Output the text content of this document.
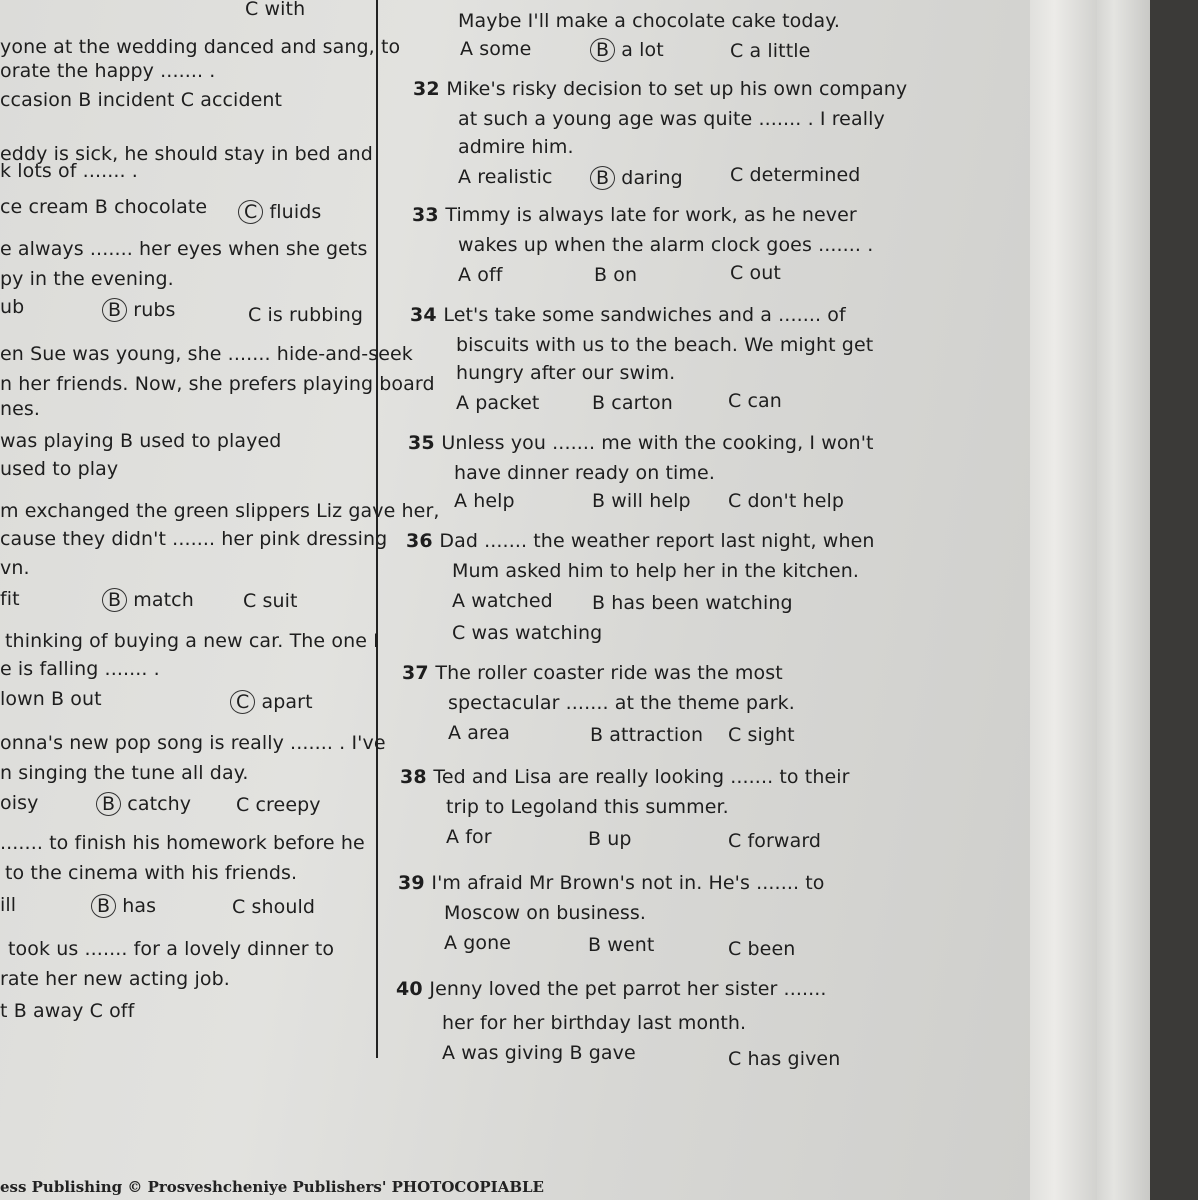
C with
yone at the wedding danced and sang, to
orate the happy ....... .
ccasion B incident C accident
eddy is sick, he should stay in bed and
k lots of ....... .
ce cream B chocolate
e always ....... her eyes when she gets
py in the evening.
ub	C is rubbing
en Sue was young, she ....... hide-and-seek
n her friends. Now, she prefers playing board
nes.
was playing B used to played
used to play
m exchanged the green slippers Liz gave her,
cause they didn't ....... her pink dressing
vn.
fit	C suit
thinking of buying a new car. The one I
e is falling ....... .
lown B out
onna's new pop song is really ....... . I've
n singing the tune all day.
oisy	C creepy
....... to finish his homework before he
to the cinema with his friends.
ill	C should
took us ....... for a lovely dinner to
rate her new acting job.
t B away C off
Maybe I'll make a chocolate cake today.
A some	C a little
32 Mike's risky decision to set up his own company
at such a young age was quite ....... . I really
admire him.
A realistic	C determined
33 Timmy is always late for work, as he never
wakes up when the alarm clock goes ....... .
A off	B on	C out
34 Let's take some sandwiches and a ....... of
biscuits with us to the beach. We might get
hungry after our swim.
A packet	B carton	C can
35 Unless you ....... me with the cooking, I won't
have dinner ready on time.
A help	B will help C don't help
36 Dad ....... the weather report last night, when
Mum asked him to help her in the kitchen.
A watched B has been watching
C was watching
37 The roller coaster ride was the most
spectacular ....... at the theme park.
A area	B attraction C sight
38 Ted and Lisa are really looking ....... to their
trip to Legoland this summer.
A for	B up	C forward
39 I'm afraid Mr Brown's not in. He's ....... to
Moscow on business.
A gone	B went	C been
40 Jenny loved the pet parrot her sister .......
her for her birthday last month.
A was giving B gave	C has given
C fluids
B rubs
B match
C apart
B catchy
B has
B a lot
B daring
ess Publishing © Prosveshcheniye Publishers' PHOTOCOPIABLE
